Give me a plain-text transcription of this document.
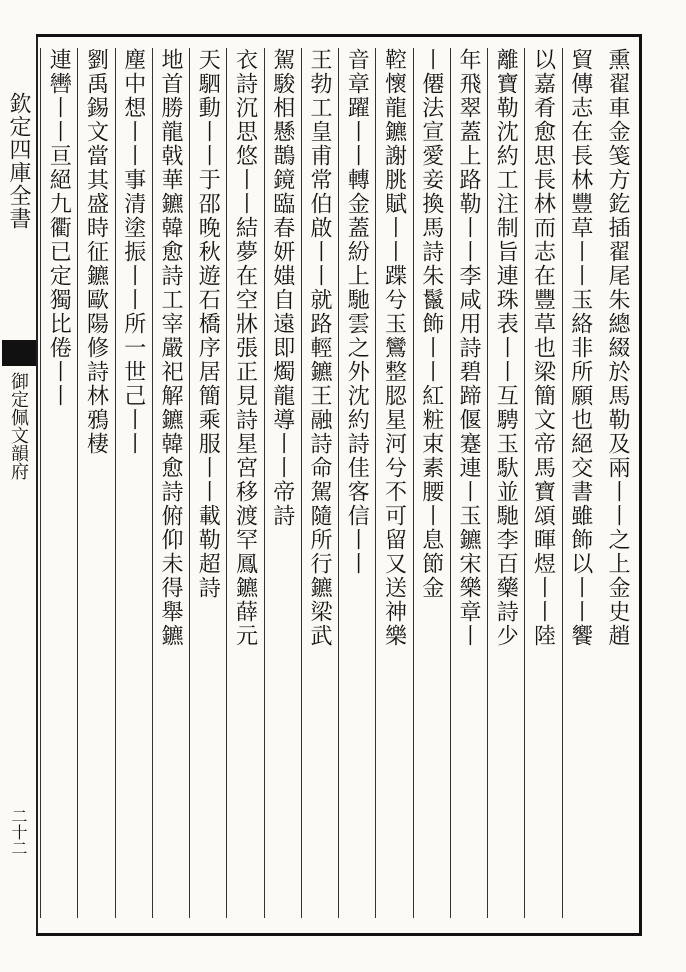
欽定四庫全書
御定佩文韻府
二十二
熏翟車金笺方釳插翟尾朱總綴於馬勒及兩丨丨之上金史趙
貿傳志在長林豐草丨丨玉絡非所願也絕交書雖飾以丨丨饗
以嘉肴愈思長林而志在豐草也梁簡文帝馬寶頌暉煜丨丨陸
離寶勒沈約工注制旨連珠表丨丨互騁玉馱並馳李百藥詩少
年飛翠蓋上路勒丨丨李咸用詩碧蹄偃蹇連丨玉鑣宋樂章丨
丨僊法宣愛妾換馬詩朱鬣飾丨丨紅粧束素腰丨息節金
鞚懷龍鑣謝朓賦丨丨蹀兮玉鸞整䏰星河兮不可留又送神樂
音章躍丨丨轉金蓋紛上馳雲之外沈約詩佳客信丨丨
王勃工皇甫常伯啟丨丨就路輕鑣王融詩命駕隨所行鑣梁武
駕駿相懸鵲鏡臨春妍媸自遠即燭龍導丨丨帝詩
衣詩沉思悠丨丨結夢在空牀張正見詩星宮移渡罕鳳鑣薛元
天駟動丨丨于邵晚秋遊石橋序居簡乘服丨丨載勒超詩
地首勝龍戟華鑣韓愈詩工宰嚴祀解鑣韓愈詩俯仰未得舉鑣
塵中想丨丨事清塗振丨丨所一世己丨丨
劉禹錫文當其盛時征鑣歐陽修詩林鴉棲
連轡丨丨亘絕九衢已定獨比倦丨丨
